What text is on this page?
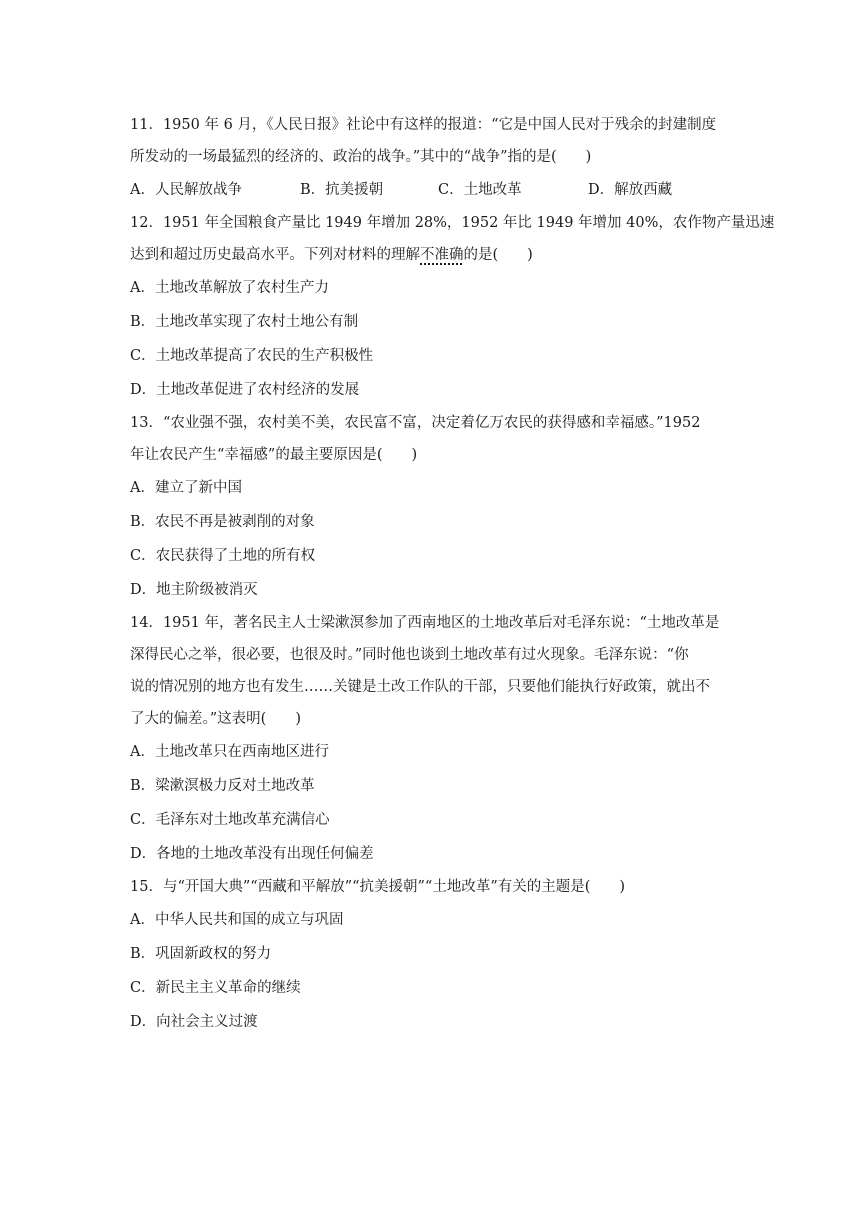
11．1950 年 6 月，《人民日报》社论中有这样的报道：“它是中国人民对于残余的封建制度

所发动的一场最猛烈的经济的、政治的战争。”其中的“战争”指的是(　　)

A．人民解放战争	B．抗美援朝	C．土地改革	D．解放西藏

12．1951 年全国粮食产量比 1949 年增加 28%，1952 年比 1949 年增加 40%，农作物产量迅速

达到和超过历史最高水平。下列对材料的理解不准确的是(　　)

A．土地改革解放了农村生产力

B．土地改革实现了农村土地公有制

C．土地改革提高了农民的生产积极性

D．土地改革促进了农村经济的发展

13．“农业强不强，农村美不美，农民富不富，决定着亿万农民的获得感和幸福感。”1952

年让农民产生“幸福感”的最主要原因是(　　)

A．建立了新中国

B．农民不再是被剥削的对象

C．农民获得了土地的所有权

D．地主阶级被消灭

14．1951 年，著名民主人士梁漱溟参加了西南地区的土地改革后对毛泽东说：“土地改革是

深得民心之举，很必要，也很及时。”同时他也谈到土地改革有过火现象。毛泽东说：“你

说的情况别的地方也有发生……关键是土改工作队的干部，只要他们能执行好政策，就出不

了大的偏差。”这表明(　　)

A．土地改革只在西南地区进行

B．梁漱溟极力反对土地改革

C．毛泽东对土地改革充满信心

D．各地的土地改革没有出现任何偏差

15．与“开国大典”“西藏和平解放”“抗美援朝”“土地改革”有关的主题是(　　)

A．中华人民共和国的成立与巩固

B．巩固新政权的努力

C．新民主主义革命的继续

D．向社会主义过渡
